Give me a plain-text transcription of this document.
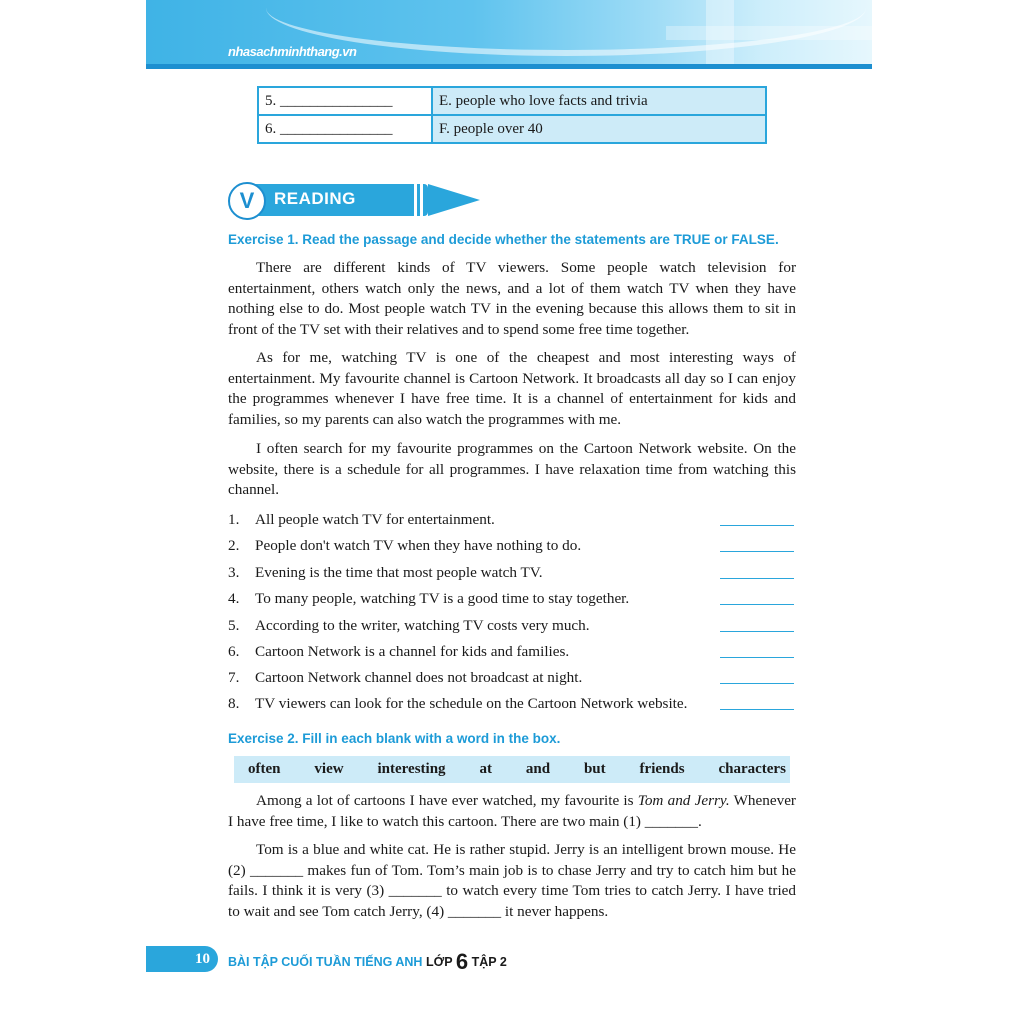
nhasachminhthang.vn
5. _______________	E. people who love facts and trivia
6. _______________	F. people over 40
V	READING
Exercise 1. Read the passage and decide whether the statements are TRUE or FALSE.
There are different kinds of TV viewers. Some people watch television for entertainment, others watch only the news, and a lot of them watch TV when they have nothing else to do. Most people watch TV in the evening because this allows them to sit in front of the TV set with their relatives and to spend some free time together.
As for me, watching TV is one of the cheapest and most interesting ways of entertainment. My favourite channel is Cartoon Network. It broadcasts all day so I can enjoy the programmes whenever I have free time. It is a channel of entertainment for kids and families, so my parents can also watch the programmes with me.
I often search for my favourite programmes on the Cartoon Network website. On the website, there is a schedule for all programmes. I have relaxation time from watching this channel.
1. All people watch TV for entertainment.
2. People don't watch TV when they have nothing to do.
3. Evening is the time that most people watch TV.
4. To many people, watching TV is a good time to stay together.
5. According to the writer, watching TV costs very much.
6. Cartoon Network is a channel for kids and families.
7. Cartoon Network channel does not broadcast at night.
8. TV viewers can look for the schedule on the Cartoon Network website.
Exercise 2. Fill in each blank with a word in the box.
often view interesting at and but friends characters
Among a lot of cartoons I have ever watched, my favourite is Tom and Jerry. Whenever I have free time, I like to watch this cartoon. There are two main (1) _______.
Tom is a blue and white cat. He is rather stupid. Jerry is an intelligent brown mouse. He (2) _______ makes fun of Tom. Tom’s main job is to chase Jerry and try to catch him but he fails. I think it is very (3) _______ to watch every time Tom tries to catch Jerry. I have tried to wait and see Tom catch Jerry, (4) _______ it never happens.
10	BÀI TẬP CUỐI TUẦN TIẾNG ANH LỚP 6 TẬP 2
